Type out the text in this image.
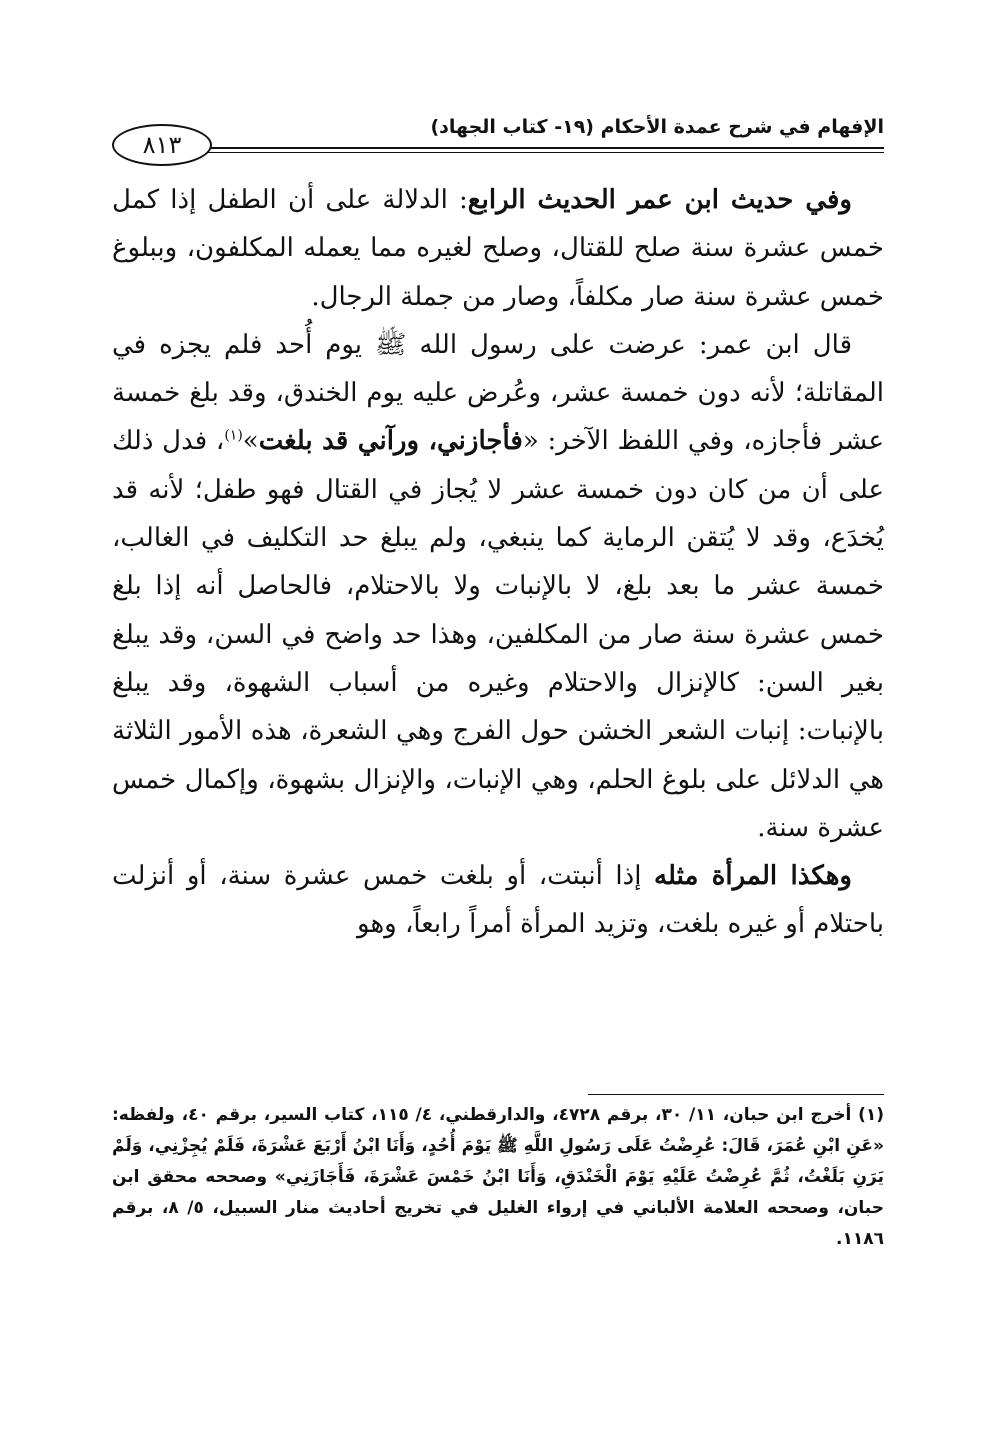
الإفهام في شرح عمدة الأحكام (١٩- كتاب الجهاد)
٨١٣

وفي حديث ابن عمر الحديث الرابع: الدلالة على أن الطفل إذا كمل خمس عشرة سنة صلح للقتال، وصلح لغيره مما يعمله المكلفون، وببلوغ خمس عشرة سنة صار مكلفاً، وصار من جملة الرجال.

قال ابن عمر: عرضت على رسول الله ﷺ يوم أُحد فلم يجزه في المقاتلة؛ لأنه دون خمسة عشر، وعُرض عليه يوم الخندق، وقد بلغ خمسة عشر فأجازه، وفي اللفظ الآخر: «فأجازني، ورآني قد بلغت»$^{(١)}$، فدل ذلك على أن من كان دون خمسة عشر لا يُجاز في القتال فهو طفل؛ لأنه قد يُخدَع، وقد لا يُتقن الرماية كما ينبغي، ولم يبلغ حد التكليف في الغالب، خمسة عشر ما بعد بلغ، لا بالإنبات ولا بالاحتلام، فالحاصل أنه إذا بلغ خمس عشرة سنة صار من المكلفين، وهذا حد واضح في السن، وقد يبلغ بغير السن: كالإنزال والاحتلام وغيره من أسباب الشهوة، وقد يبلغ بالإنبات: إنبات الشعر الخشن حول الفرج وهي الشعرة، هذه الأمور الثلاثة هي الدلائل على بلوغ الحلم، وهي الإنبات، والإنزال بشهوة، وإكمال خمس عشرة سنة.

وهكذا المرأة مثله إذا أنبتت، أو بلغت خمس عشرة سنة، أو أنزلت باحتلام أو غيره بلغت، وتزيد المرأة أمراً رابعاً، وهو

(١) أخرج ابن حبان، ١١/ ٣٠، برقم ٤٧٢٨، والدارقطني، ٤/ ١١٥، كتاب السير، برقم ٤٠، ولفظه: «عَنِ ابْنِ عُمَرَ، قَالَ: عُرِضْتُ عَلَى رَسُولِ اللَّهِ ﷺ يَوْمَ أُحُدٍ، وَأَنَا ابْنُ أَرْبَعَ عَشْرَةَ، فَلَمْ يُجِزْنِي، وَلَمْ يَرَنِ بَلَغْتُ، ثُمَّ عُرِضْتُ عَلَيْهِ يَوْمَ الْخَنْدَقِ، وَأَنَا ابْنُ خَمْسَ عَشْرَةَ، فَأَجَازَنِي» وصححه محقق ابن حبان، وصححه العلامة الألباني في إرواء الغليل في تخريج أحاديث منار السبيل، ٥/ ٨، برقم ١١٨٦.
